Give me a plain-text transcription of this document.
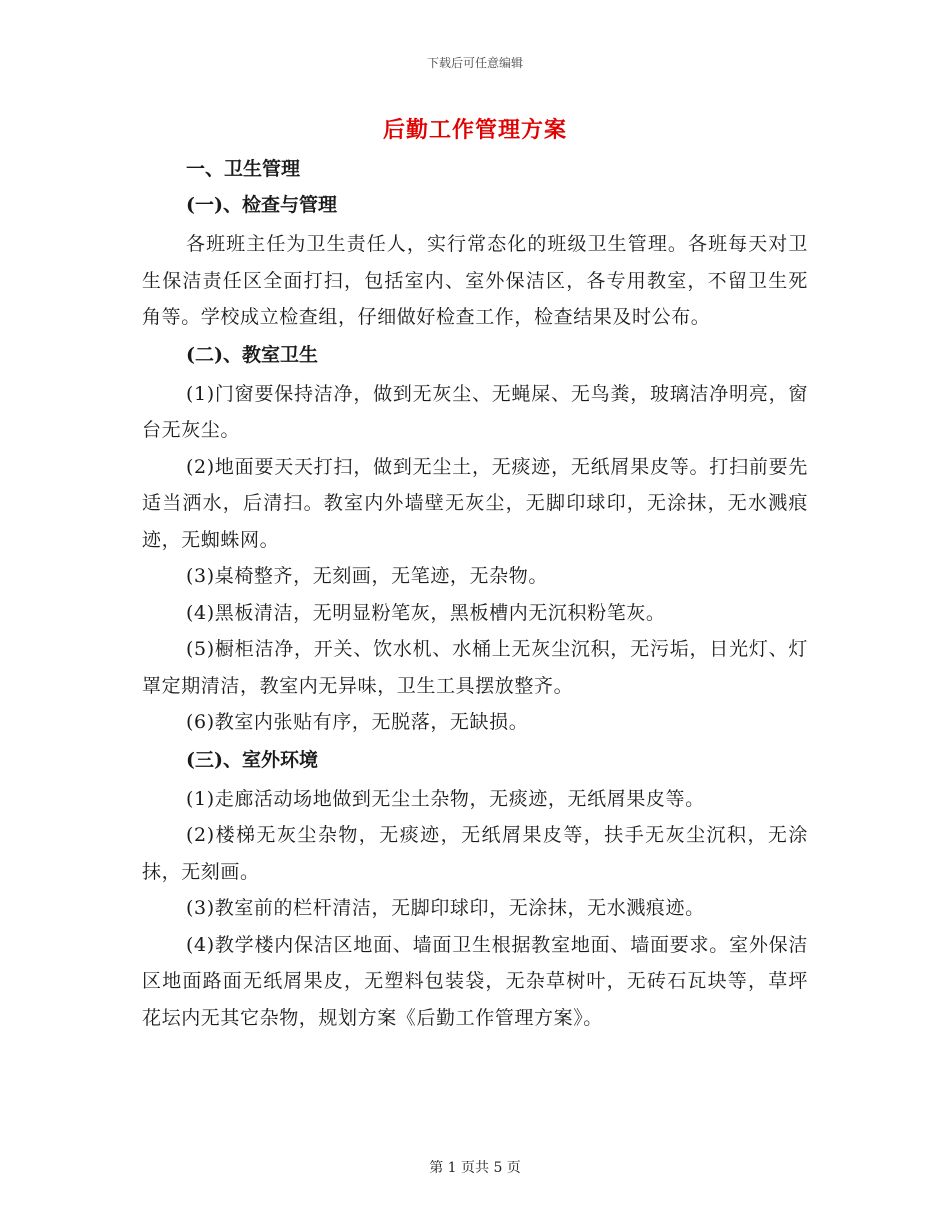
下载后可任意编辑
后勤工作管理方案
一、卫生管理
(一)、检查与管理

各班班主任为卫生责任人，实行常态化的班级卫生管理。各班每天对卫生保洁责任区全面打扫，包括室内、室外保洁区，各专用教室，不留卫生死角等。学校成立检查组，仔细做好检查工作，检查结果及时公布。

(二)、教室卫生

(1)门窗要保持洁净，做到无灰尘、无蝇屎、无鸟粪，玻璃洁净明亮，窗台无灰尘。

(2)地面要天天打扫，做到无尘土，无痰迹，无纸屑果皮等。打扫前要先适当洒水，后清扫。教室内外墙壁无灰尘，无脚印球印，无涂抹，无水溅痕迹，无蜘蛛网。

(3)桌椅整齐，无刻画，无笔迹，无杂物。

(4)黑板清洁，无明显粉笔灰，黑板槽内无沉积粉笔灰。

(5)橱柜洁净，开关、饮水机、水桶上无灰尘沉积，无污垢，日光灯、灯罩定期清洁，教室内无异味，卫生工具摆放整齐。

(6)教室内张贴有序，无脱落，无缺损。

(三)、室外环境

(1)走廊活动场地做到无尘土杂物，无痰迹，无纸屑果皮等。

(2)楼梯无灰尘杂物，无痰迹，无纸屑果皮等，扶手无灰尘沉积，无涂抹，无刻画。

(3)教室前的栏杆清洁，无脚印球印，无涂抹，无水溅痕迹。

(4)教学楼内保洁区地面、墙面卫生根据教室地面、墙面要求。室外保洁区地面路面无纸屑果皮，无塑料包装袋，无杂草树叶，无砖石瓦块等，草坪花坛内无其它杂物，规划方案《后勤工作管理方案》。

第 1 页共 5 页
